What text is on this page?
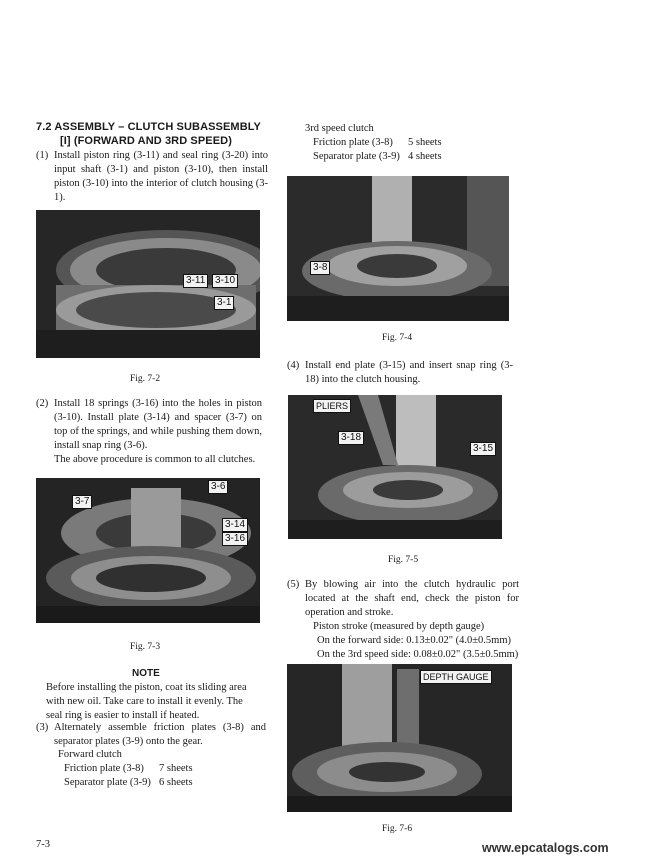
7.2 ASSEMBLY – CLUTCH SUBASSEMBLY
[I] (FORWARD AND 3RD SPEED)
(1) Install piston ring (3-11) and seal ring (3-20) into input shaft (3-1) and piston (3-10), then install piston (3-10) into the interior of clutch housing (3-1).
3-11 3-10
3-1
Fig. 7-2
(2) Install 18 springs (3-16) into the holes in piston (3-10). Install plate (3-14) and spacer (3-7) on top of the springs, and while pushing them down, install snap ring (3-6).
The above procedure is common to all clutches.
3-7
3-6
3-14
3-16
Fig. 7-3
NOTE
Before installing the piston, coat its sliding area with new oil. Take care to install it evenly. The seal ring is easier to install if heated.
(3) Alternately assemble friction plates (3-8) and separator plates (3-9) onto the gear.
Forward clutch
Friction plate (3-8)	7 sheets
Separator plate (3-9) 6 sheets
7-3
3rd speed clutch
Friction plate (3-8)	5 sheets
Separator plate (3-9) 4 sheets
3-8
Fig. 7-4
(4) Install end plate (3-15) and insert snap ring (3-18) into the clutch housing.
PLIERS
3-18
3-15
Fig. 7-5
(5) By blowing air into the clutch hydraulic port located at the shaft end, check the piston for operation and stroke.
Piston stroke (measured by depth gauge)
On the forward side: 0.13±0.02" (4.0±0.5mm)
On the 3rd speed side: 0.08±0.02" (3.5±0.5mm)
DEPTH GAUGE
Fig. 7-6
www.epcatalogs.com
